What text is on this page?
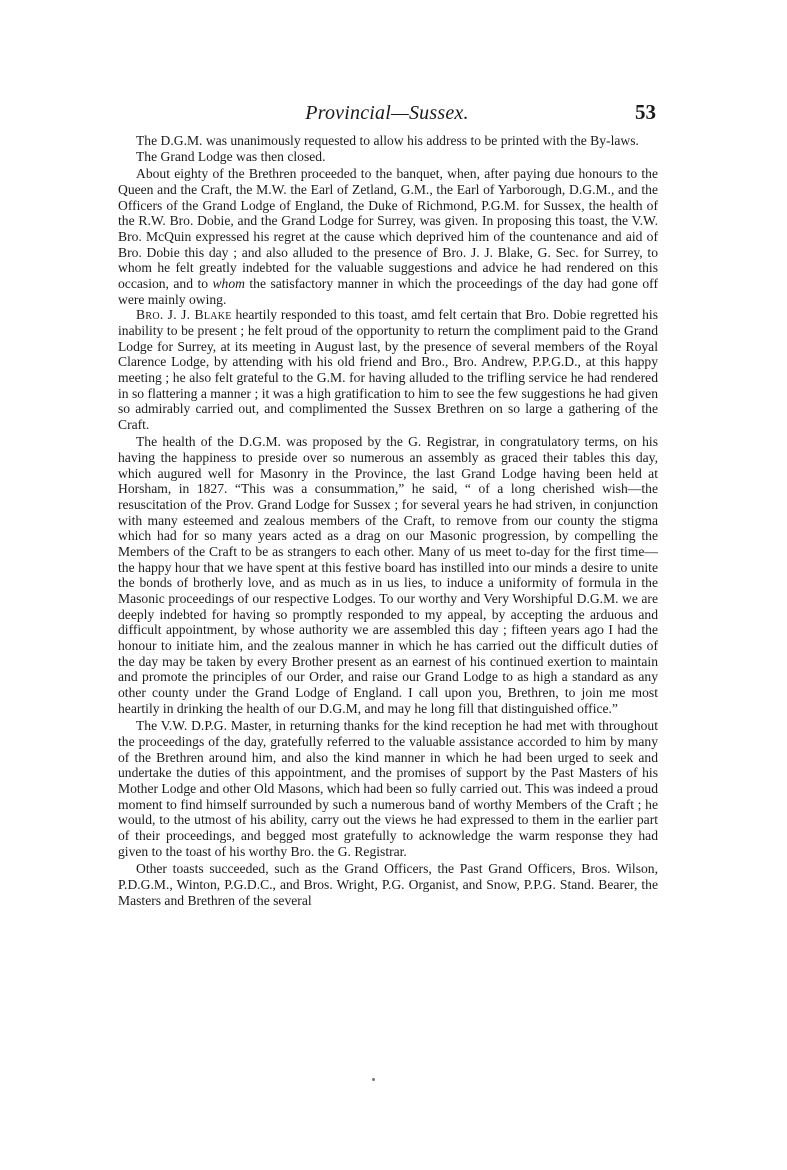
Provincial—Sussex.	53

The D.G.M. was unanimously requested to allow his address to be printed with the By-laws.

The Grand Lodge was then closed.

About eighty of the Brethren proceeded to the banquet, when, after paying due honours to the Queen and the Craft, the M.W. the Earl of Zetland, G.M., the Earl of Yarborough, D.G.M., and the Officers of the Grand Lodge of England, the Duke of Richmond, P.G.M. for Sussex, the health of the R.W. Bro. Dobie, and the Grand Lodge for Surrey, was given. In proposing this toast, the V.W. Bro. McQuin expressed his regret at the cause which deprived him of the countenance and aid of Bro. Dobie this day ; and also alluded to the presence of Bro. J. J. Blake, G. Sec. for Surrey, to whom he felt greatly indebted for the valuable suggestions and advice he had rendered on this occasion, and to whom the satisfactory manner in which the proceedings of the day had gone off were mainly owing.

Bro. J. J. Blake heartily responded to this toast, amd felt certain that Bro. Dobie regretted his inability to be present ; he felt proud of the opportunity to return the compliment paid to the Grand Lodge for Surrey, at its meeting in August last, by the presence of several members of the Royal Clarence Lodge, by attending with his old friend and Bro., Bro. Andrew, P.P.G.D., at this happy meeting ; he also felt grateful to the G.M. for having alluded to the trifling service he had rendered in so flattering a manner ; it was a high gratification to him to see the few suggestions he had given so admirably carried out, and complimented the Sussex Brethren on so large a gathering of the Craft.

The health of the D.G.M. was proposed by the G. Registrar, in congratulatory terms, on his having the happiness to preside over so numerous an assembly as graced their tables this day, which augured well for Masonry in the Province, the last Grand Lodge having been held at Horsham, in 1827. “This was a consummation,” he said, “ of a long cherished wish—the resuscitation of the Prov. Grand Lodge for Sussex ; for several years he had striven, in conjunction with many esteemed and zealous members of the Craft, to remove from our county the stigma which had for so many years acted as a drag on our Masonic progression, by compelling the Members of the Craft to be as strangers to each other. Many of us meet to-day for the first time—the happy hour that we have spent at this festive board has instilled into our minds a desire to unite the bonds of brotherly love, and as much as in us lies, to induce a uniformity of formula in the Masonic proceedings of our respective Lodges. To our worthy and Very Worshipful D.G.M. we are deeply indebted for having so promptly responded to my appeal, by accepting the arduous and difficult appointment, by whose authority we are assembled this day ; fifteen years ago I had the honour to initiate him, and the zealous manner in which he has carried out the difficult duties of the day may be taken by every Brother present as an earnest of his continued exertion to maintain and promote the principles of our Order, and raise our Grand Lodge to as high a standard as any other county under the Grand Lodge of England. I call upon you, Brethren, to join me most heartily in drinking the health of our D.G.M, and may he long fill that distinguished office.”

The V.W. D.P.G. Master, in returning thanks for the kind reception he had met with throughout the proceedings of the day, gratefully referred to the valuable assistance accorded to him by many of the Brethren around him, and also the kind manner in which he had been urged to seek and undertake the duties of this appointment, and the promises of support by the Past Masters of his Mother Lodge and other Old Masons, which had been so fully carried out. This was indeed a proud moment to find himself surrounded by such a numerous band of worthy Members of the Craft ; he would, to the utmost of his ability, carry out the views he had expressed to them in the earlier part of their proceedings, and begged most gratefully to acknowledge the warm response they had given to the toast of his worthy Bro. the G. Registrar.

Other toasts succeeded, such as the Grand Officers, the Past Grand Officers, Bros. Wilson, P.D.G.M., Winton, P.G.D.C., and Bros. Wright, P.G. Organist, and Snow, P.P.G. Stand. Bearer, the Masters and Brethren of the several
